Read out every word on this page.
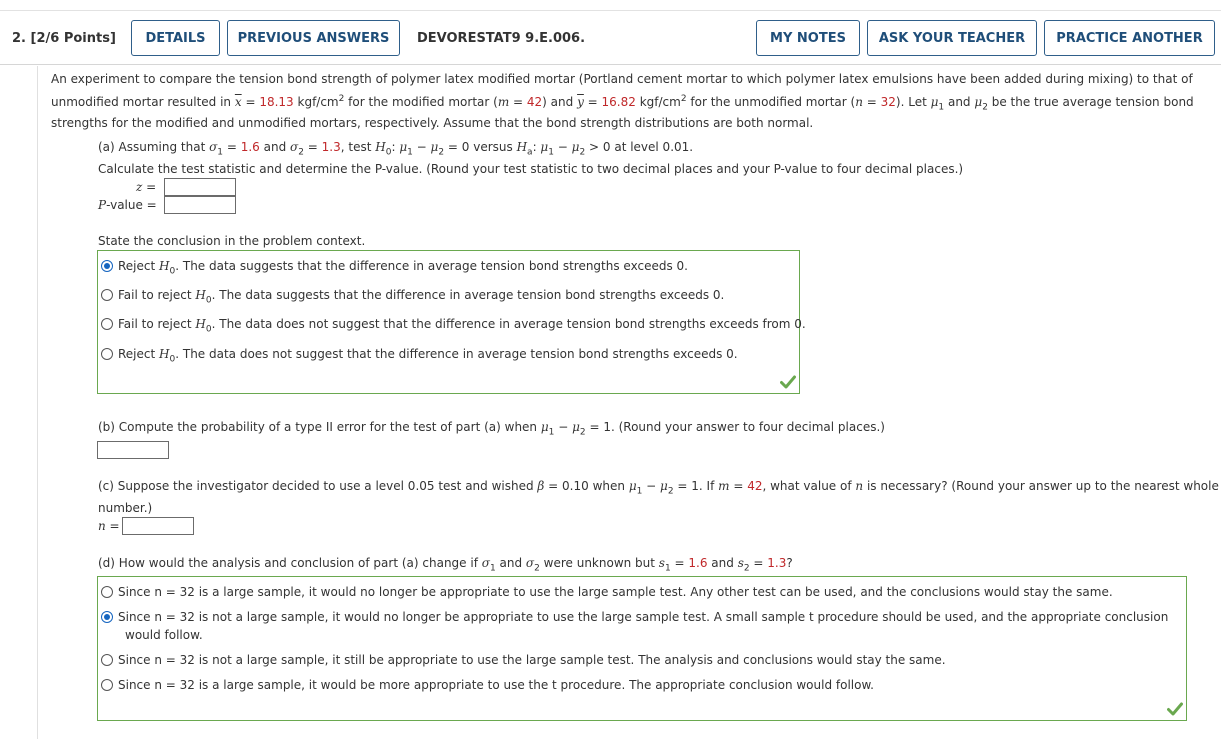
2. [2/6 Points]	DETAILS	PREVIOUS ANSWERS	DEVORESTAT9 9.E.006.	MY NOTES	ASK YOUR TEACHER	PRACTICE ANOTHER
An experiment to compare the tension bond strength of polymer latex modified mortar (Portland cement mortar to which polymer latex emulsions have been added during mixing) to that of
unmodified mortar resulted in $\overline{x} = 18.13$ kgf/$cm^2$ for the modified mortar (m = 42) and $\overline{y} = 16.82$ kgf/$cm^2$ for the unmodified mortar (n = 32). Let $\mu_1$ and $\mu_2$ be the true average tension bond
strengths for the modified and unmodified mortars, respectively. Assume that the bond strength distributions are both normal.
(a) Assuming that $\sigma_1 = 1.6$ and $\sigma_2 = 1.3$, test $H_0$: $\mu_1 - \mu_2 = 0$ versus $H_a$: $\mu_1 - \mu_2 > 0$ at level 0.01.
Calculate the test statistic and determine the P-value. (Round your test statistic to two decimal places and your P-value to four decimal places.)
z =
P-value =
State the conclusion in the problem context.
Reject $H_0$. The data suggests that the difference in average tension bond strengths exceeds 0.
Fail to reject $H_0$. The data suggests that the difference in average tension bond strengths exceeds 0.
Fail to reject $H_0$. The data does not suggest that the difference in average tension bond strengths exceeds from 0.
Reject $H_0$. The data does not suggest that the difference in average tension bond strengths exceeds 0.
(b) Compute the probability of a type II error for the test of part (a) when $\mu_1 - \mu_2 = 1$. (Round your answer to four decimal places.)
(c) Suppose the investigator decided to use a level 0.05 test and wished β = 0.10 when $\mu_1 - \mu_2 = 1$. If m = 42, what value of n is necessary? (Round your answer up to the nearest whole
number.)
n =
(d) How would the analysis and conclusion of part (a) change if $\sigma_1$ and $\sigma_2$ were unknown but $s_1 = 1.6$ and $s_2 = 1.3$?
Since n = 32 is a large sample, it would no longer be appropriate to use the large sample test. Any other test can be used, and the conclusions would stay the same.
Since n = 32 is not a large sample, it would no longer be appropriate to use the large sample test. A small sample t procedure should be used, and the appropriate conclusion
would follow.
Since n = 32 is not a large sample, it still be appropriate to use the large sample test. The analysis and conclusions would stay the same.
Since n = 32 is a large sample, it would be more appropriate to use the t procedure. The appropriate conclusion would follow.
